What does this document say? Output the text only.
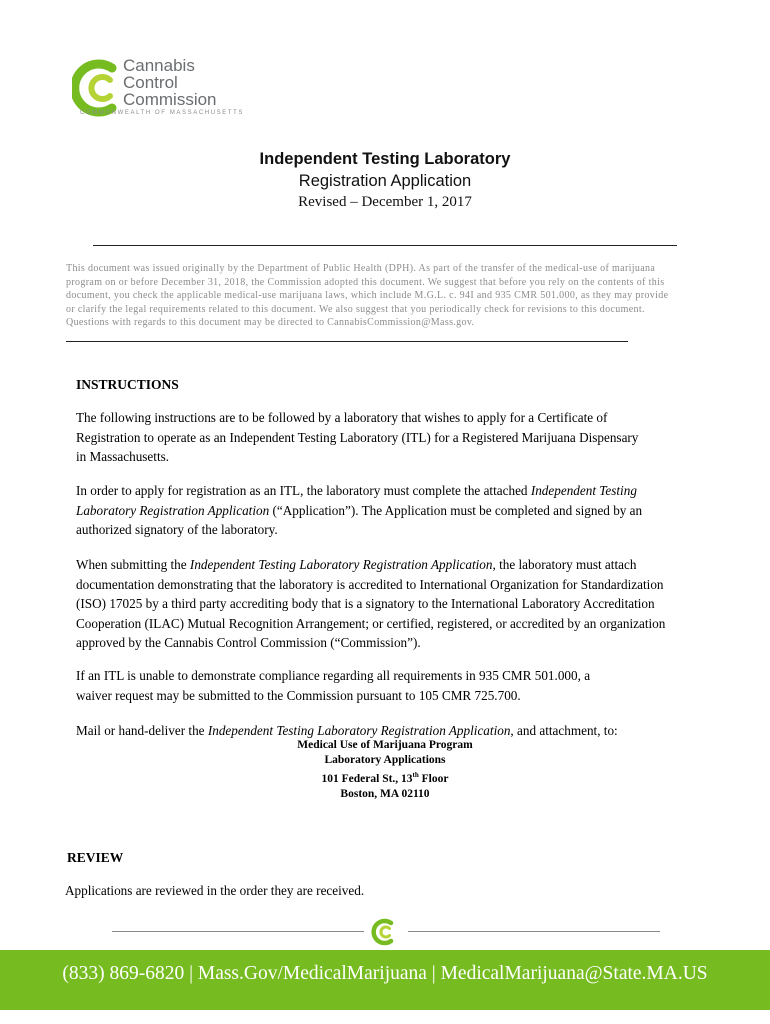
Cannabis
Control
Commission
COMMONWEALTH OF MASSACHUSETTS
Independent Testing Laboratory
Registration Application
Revised – December 1, 2017
This document was issued originally by the Department of Public Health (DPH). As part of the transfer of the medical-use of marijuana
program on or before December 31, 2018, the Commission adopted this document. We suggest that before you rely on the contents of this
document, you check the applicable medical-use marijuana laws, which include M.G.L. c. 94I and 935 CMR 501.000, as they may provide
or clarify the legal requirements related to this document. We also suggest that you periodically check for revisions to this document.
Questions with regards to this document may be directed to CannabisCommission@Mass.gov.
INSTRUCTIONS
The following instructions are to be followed by a laboratory that wishes to apply for a Certificate of
Registration to operate as an Independent Testing Laboratory (ITL) for a Registered Marijuana Dispensary
in Massachusetts.
In order to apply for registration as an ITL, the laboratory must complete the attached Independent Testing
Laboratory Registration Application (“Application”). The Application must be completed and signed by an
authorized signatory of the laboratory.
When submitting the Independent Testing Laboratory Registration Application, the laboratory must attach
documentation demonstrating that the laboratory is accredited to International Organization for Standardization
(ISO) 17025 by a third party accrediting body that is a signatory to the International Laboratory Accreditation
Cooperation (ILAC) Mutual Recognition Arrangement; or certified, registered, or accredited by an organization
approved by the Cannabis Control Commission (“Commission”).
If an ITL is unable to demonstrate compliance regarding all requirements in 935 CMR 501.000, a
waiver request may be submitted to the Commission pursuant to 105 CMR 725.700.
Mail or hand-deliver the Independent Testing Laboratory Registration Application, and attachment, to:
Medical Use of Marijuana Program
Laboratory Applications
101 Federal St., 13th Floor
Boston, MA 02110
REVIEW
Applications are reviewed in the order they are received.
(833) 869-6820 | Mass.Gov/MedicalMarijuana | MedicalMarijuana@State.MA.US
